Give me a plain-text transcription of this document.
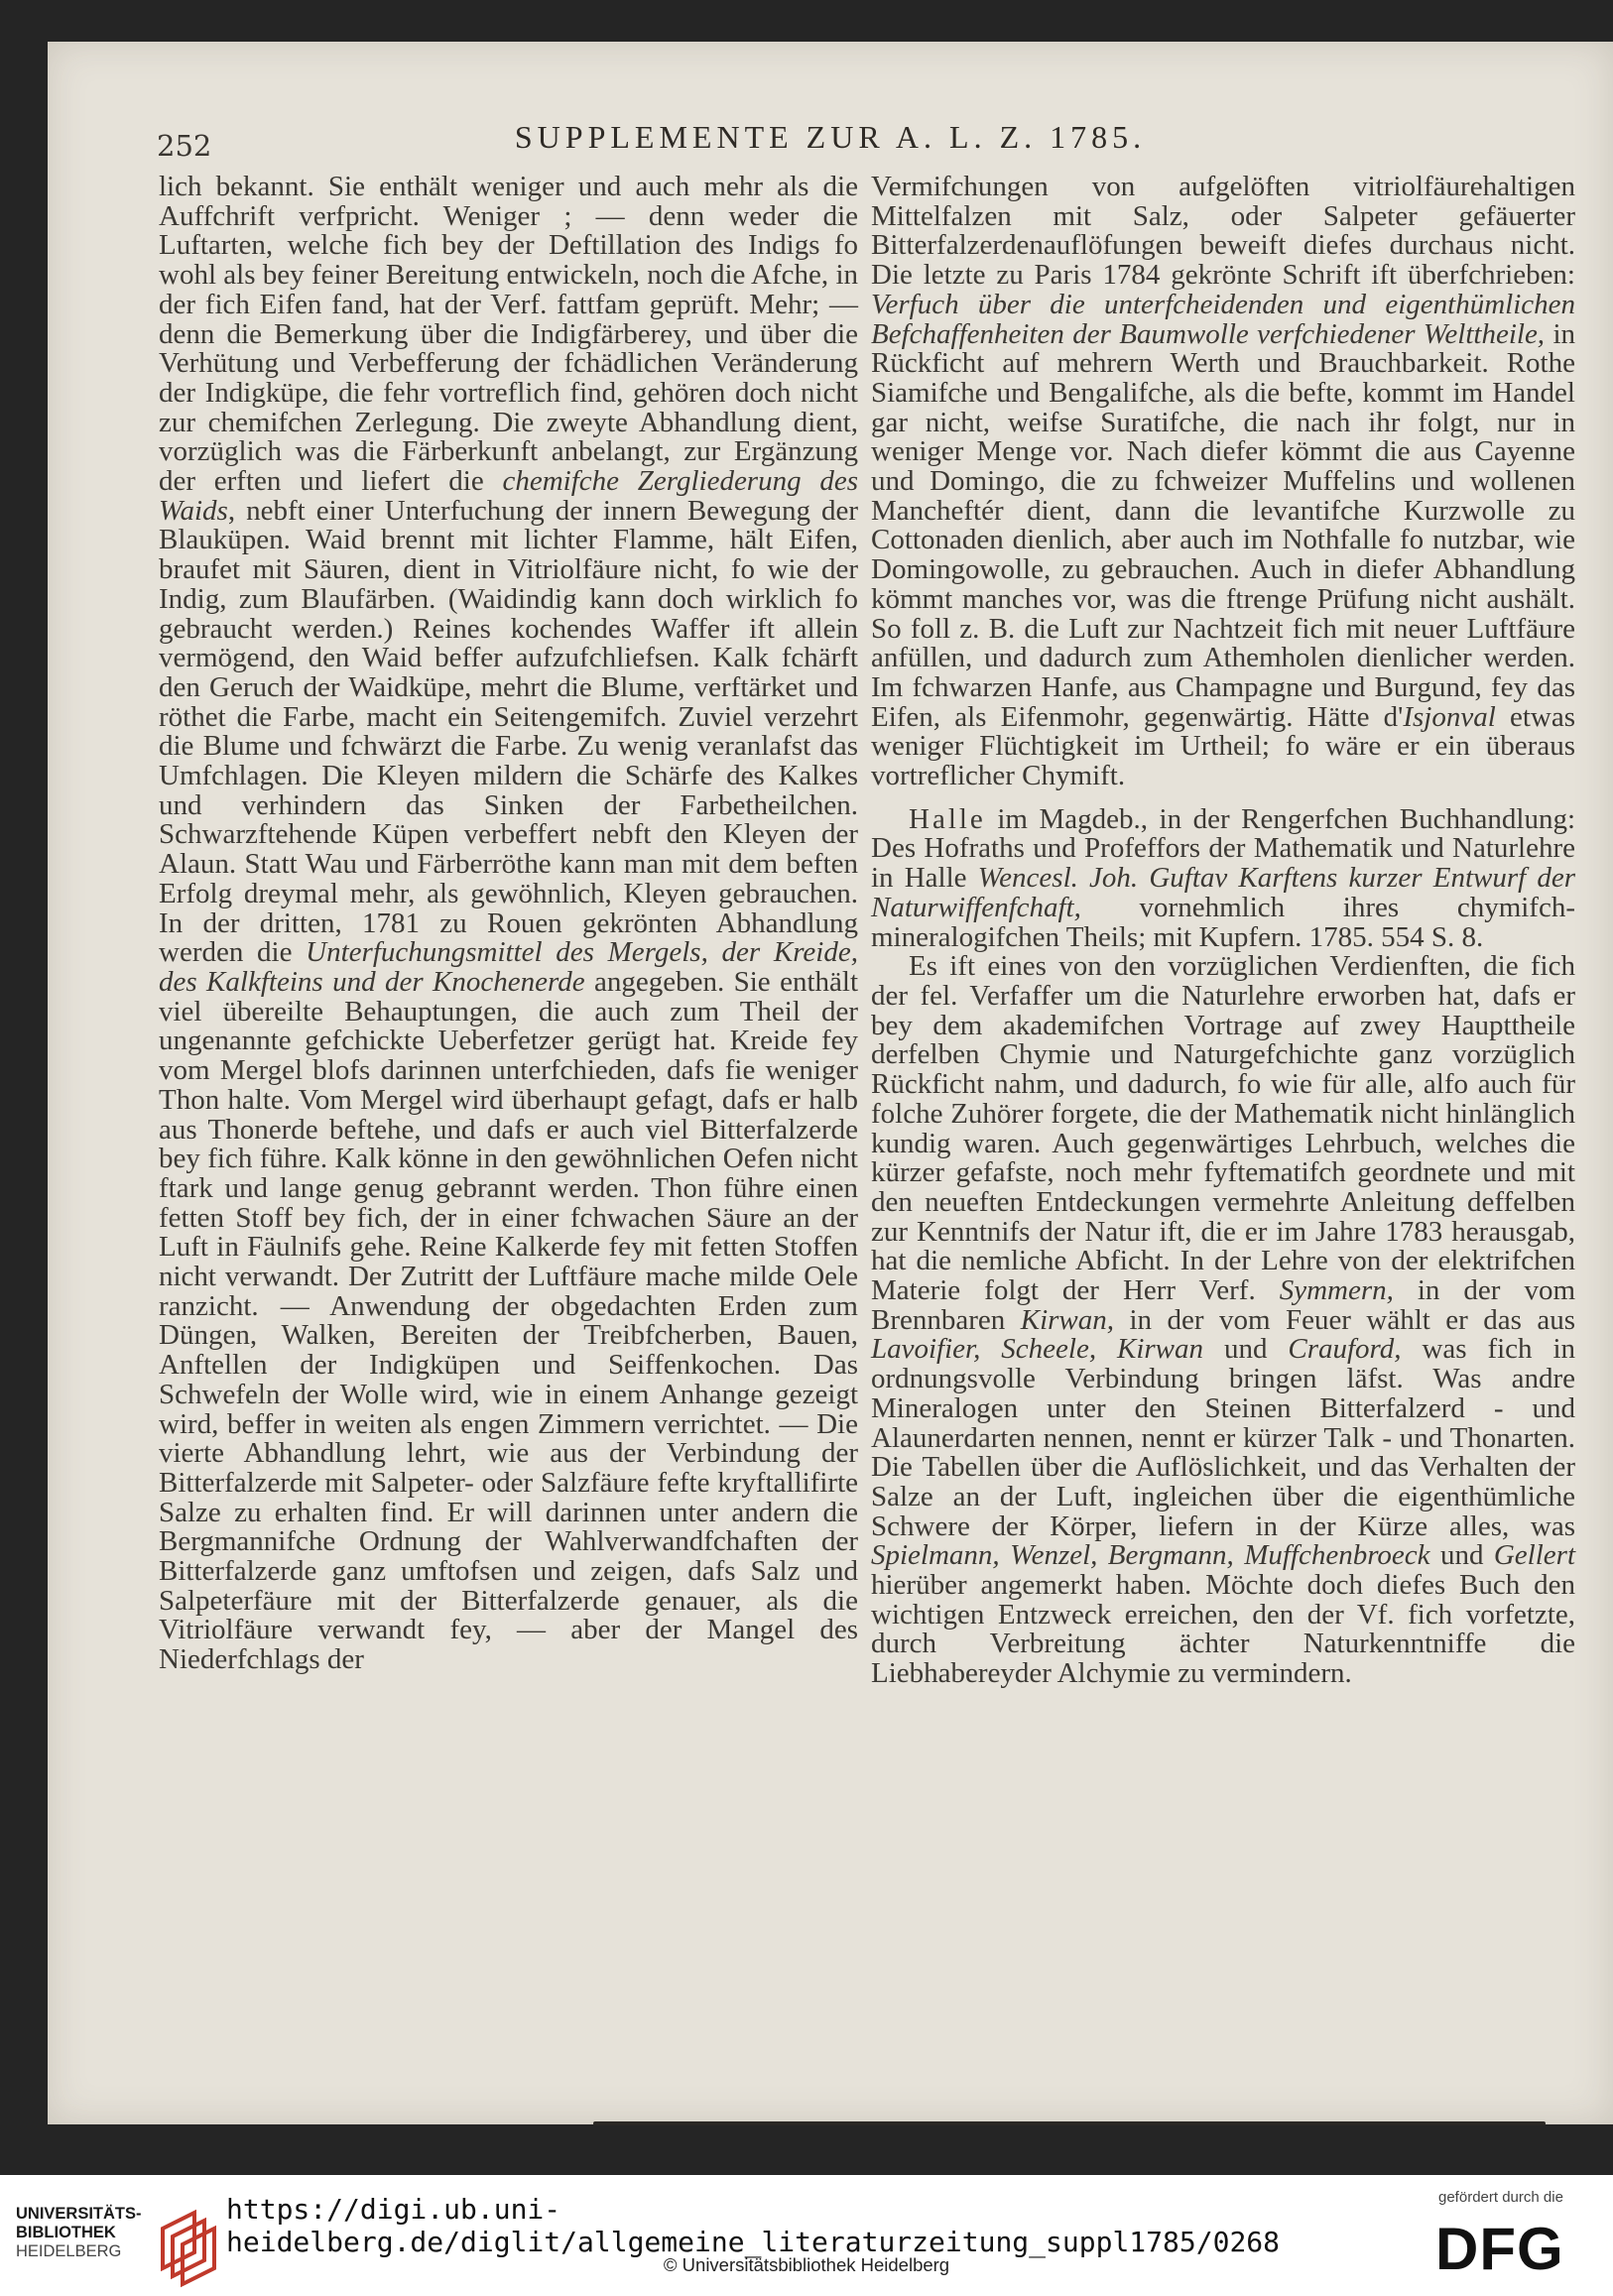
252	SUPPLEMENTE ZUR A. L. Z. 1785.

lich bekannt. Sie enthält weniger und auch mehr als die Auffchrift verfpricht. Weniger ; — denn weder die Luftarten, welche fich bey der Deftillation des Indigs fo wohl als bey feiner Bereitung entwickeln, noch die Afche, in der fich Eifen fand, hat der Verf. fattfam geprüft. Mehr; — denn die Bemerkung über die Indigfärberey, und über die Verhütung und Verbefferung der fchädlichen Veränderung der Indigküpe, die fehr vortreflich find, gehören doch nicht zur chemifchen Zerlegung. Die zweyte Abhandlung dient, vorzüglich was die Färberkunft anbelangt, zur Ergänzung der erften und liefert die chemifche Zergliederung des Waids, nebft einer Unterfuchung der innern Bewegung der Blauküpen. Waid brennt mit lichter Flamme, hält Eifen, braufet mit Säuren, dient in Vitriolfäure nicht, fo wie der Indig, zum Blaufärben. (Waidindig kann doch wirklich fo gebraucht werden.) Reines kochendes Waffer ift allein vermögend, den Waid beffer aufzufchliefsen. Kalk fchärft den Geruch der Waidküpe, mehrt die Blume, verftärket und röthet die Farbe, macht ein Seitengemifch. Zuviel verzehrt die Blume und fchwärzt die Farbe. Zu wenig veranlafst das Umfchlagen. Die Kleyen mildern die Schärfe des Kalkes und verhindern das Sinken der Farbetheilchen. Schwarzftehende Küpen verbeffert nebft den Kleyen der Alaun. Statt Wau und Färberröthe kann man mit dem beften Erfolg dreymal mehr, als gewöhnlich, Kleyen gebrauchen. In der dritten, 1781 zu Rouen gekrönten Abhandlung werden die Unterfuchungsmittel des Mergels, der Kreide, des Kalkfteins und der Knochenerde angegeben. Sie enthält viel übereilte Behauptungen, die auch zum Theil der ungenannte gefchickte Ueberfetzer gerügt hat. Kreide fey vom Mergel blofs darinnen unterfchieden, dafs fie weniger Thon halte. Vom Mergel wird überhaupt gefagt, dafs er halb aus Thonerde beftehe, und dafs er auch viel Bitterfalzerde bey fich führe. Kalk könne in den gewöhnlichen Oefen nicht ftark und lange genug gebrannt werden. Thon führe einen fetten Stoff bey fich, der in einer fchwachen Säure an der Luft in Fäulnifs gehe. Reine Kalkerde fey mit fetten Stoffen nicht verwandt. Der Zutritt der Luftfäure mache milde Oele ranzicht. — Anwendung der obgedachten Erden zum Düngen, Walken, Bereiten der Treibfcherben, Bauen, Anftellen der Indigküpen und Seiffenkochen. Das Schwefeln der Wolle wird, wie in einem Anhange gezeigt wird, beffer in weiten als engen Zimmern verrichtet. — Die vierte Abhandlung lehrt, wie aus der Verbindung der Bitterfalzerde mit Salpeter- oder Salzfäure fefte kryftallifirte Salze zu erhalten find. Er will darinnen unter andern die Bergmannifche Ordnung der Wahlverwandfchaften der Bitterfalzerde ganz umftofsen und zeigen, dafs Salz und Salpeterfäure mit der Bitterfalzerde genauer, als die Vitriolfäure verwandt fey, — aber der Mangel des Niederfchlags der

Vermifchungen von aufgelöften vitriolfäurehaltigen Mittelfalzen mit Salz, oder Salpeter gefäuerter Bitterfalzerdenauflöfungen beweift diefes durchaus nicht. Die letzte zu Paris 1784 gekrönte Schrift ift überfchrieben: Verfuch über die unterfcheidenden und eigenthümlichen Befchaffenheiten der Baumwolle verfchiedener Welttheile, in Rückficht auf mehrern Werth und Brauchbarkeit. Rothe Siamifche und Bengalifche, als die befte, kommt im Handel gar nicht, weifse Suratifche, die nach ihr folgt, nur in weniger Menge vor. Nach diefer kömmt die aus Cayenne und Domingo, die zu fchweizer Muffelins und wollenen Mancheftér dient, dann die levantifche Kurzwolle zu Cottonaden dienlich, aber auch im Nothfalle fo nutzbar, wie Domingowolle, zu gebrauchen. Auch in diefer Abhandlung kömmt manches vor, was die ftrenge Prüfung nicht aushält. So foll z. B. die Luft zur Nachtzeit fich mit neuer Luftfäure anfüllen, und dadurch zum Athemholen dienlicher werden. Im fchwarzen Hanfe, aus Champagne und Burgund, fey das Eifen, als Eifenmohr, gegenwärtig. Hätte d'Isjonval etwas weniger Flüchtigkeit im Urtheil; fo wäre er ein überaus vortreflicher Chymift.

Halle im Magdeb., in der Rengerfchen Buchhandlung: Des Hofraths und Profeffors der Mathematik und Naturlehre in Halle Wencesl. Joh. Guftav Karftens kurzer Entwurf der Naturwiffenfchaft, vornehmlich ihres chymifch-mineralogifchen Theils; mit Kupfern. 1785. 554 S. 8.

Es ift eines von den vorzüglichen Verdienften, die fich der fel. Verfaffer um die Naturlehre erworben hat, dafs er bey dem akademifchen Vortrage auf zwey Haupttheile derfelben Chymie und Naturgefchichte ganz vorzüglich Rückficht nahm, und dadurch, fo wie für alle, alfo auch für folche Zuhörer forgete, die der Mathematik nicht hinlänglich kundig waren. Auch gegenwärtiges Lehrbuch, welches die kürzer gefafste, noch mehr fyftematifch geordnete und mit den neueften Entdeckungen vermehrte Anleitung deffelben zur Kenntnifs der Natur ift, die er im Jahre 1783 herausgab, hat die nemliche Abficht. In der Lehre von der elektrifchen Materie folgt der Herr Verf. Symmern, in der vom Brennbaren Kirwan, in der vom Feuer wählt er das aus Lavoifier, Scheele, Kirwan und Crauford, was fich in ordnungsvolle Verbindung bringen läfst. Was andre Mineralogen unter den Steinen Bitterfalzerd - und Alaunerdarten nennen, nennt er kürzer Talk - und Thonarten. Die Tabellen über die Auflöslichkeit, und das Verhalten der Salze an der Luft, ingleichen über die eigenthümliche Schwere der Körper, liefern in der Kürze alles, was Spielmann, Wenzel, Bergmann, Muffchenbroeck und Gellert hierüber angemerkt haben. Möchte doch diefes Buch den wichtigen Entzweck erreichen, den der Vf. fich vorfetzte, durch Verbreitung ächter Naturkenntniffe die Liebhabereyder Alchymie zu vermindern.

UNIVERSITÄTS-
BIBLIOTHEK
HEIDELBERG
https://digi.ub.uni-heidelberg.de/diglit/allgemeine_literaturzeitung_suppl1785/0268
© Universitätsbibliothek Heidelberg
gefördert durch die
DFG
